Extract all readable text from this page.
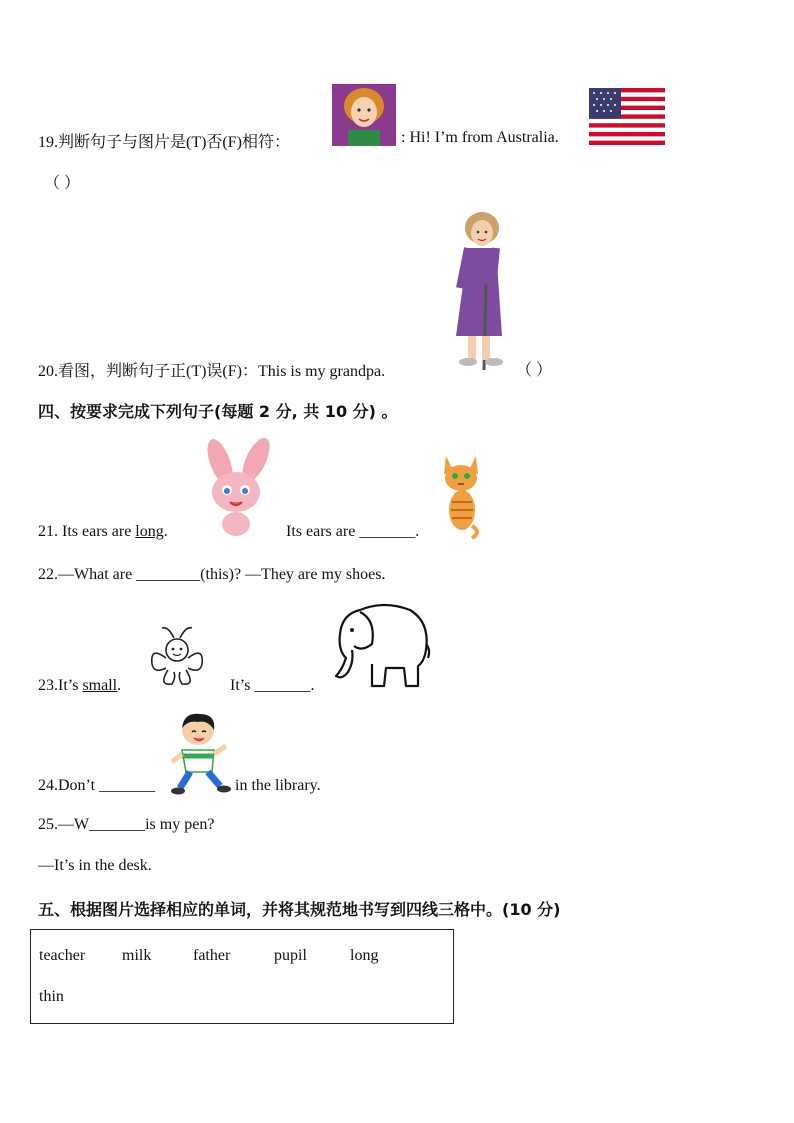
19.判断句子与图片是(T)否(F)相符：	: Hi! I’m from Australia.
（ ）
20.看图，判断句子正(T)误(F)：This is my grandpa.	（ ）
四、按要求完成下列句子(每题 2 分, 共 10 分) 。
21. Its ears are long.	Its ears are _______.
22.—What are ________(this)? —They are my shoes.
23.It’s small.	It’s _______.
24.Don’t _______	in the library.
25.—W_______is my pen?
—It’s in the desk.
五、根据图片选择相应的单词，并将其规范地书写到四线三格中。(10 分)
teacher milk	father	pupil	long
thin
